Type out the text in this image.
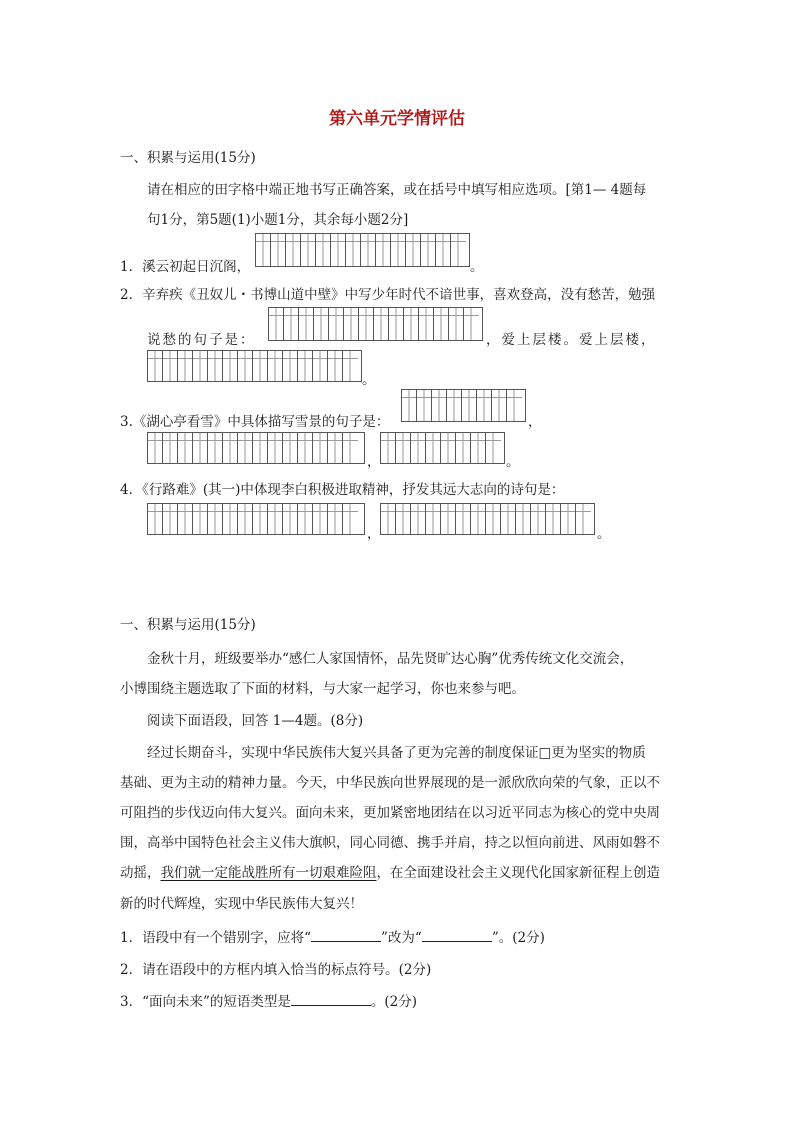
第六单元学情评估
一、积累与运用(15分)
请在相应的田字格中端正地书写正确答案，或在括号中填写相应选项。[第1— 4题每
句1分，第5题(1)小题1分，其余每小题2分]
1．溪云初起日沉阁，	。
2．辛弃疾《丑奴儿・书博山道中壁》中写少年时代不谙世事，喜欢登高，没有愁苦，勉强
说愁的句子是：	，爱上层楼。爱上层楼，
。
3.《湖心亭看雪》中具体描写雪景的句子是：	，
，	。
4．《行路难》(其一)中体现李白积极进取精神，抒发其远大志向的诗句是：
，	。
一、积累与运用(15分)
金秋十月，班级要举办“感仁人家国情怀，品先贤旷达心胸”优秀传统文化交流会，
小博围绕主题选取了下面的材料，与大家一起学习，你也来参与吧。
阅读下面语段，回答 1—4题。(8分)
经过长期奋斗，实现中华民族伟大复兴具备了更为完善的制度保证□更为坚实的物质
基础、更为主动的精神力量。今天，中华民族向世界展现的是一派欣欣向荣的气象，正以不
可阻挡的步伐迈向伟大复兴。面向未来，更加紧密地团结在以习近平同志为核心的党中央周
围，高举中国特色社会主义伟大旗帜，同心同德、携手并肩，持之以恒向前进、风雨如磐不
动摇，我们就一定能战胜所有一切艰难险阻，在全面建设社会主义现代化国家新征程上创造
新的时代辉煌，实现中华民族伟大复兴！
1．语段中有一个错别字，应将“	”改为“	”。(2分)
2．请在语段中的方框内填入恰当的标点符号。(2分)
3．“面向未来”的短语类型是	。(2分)
